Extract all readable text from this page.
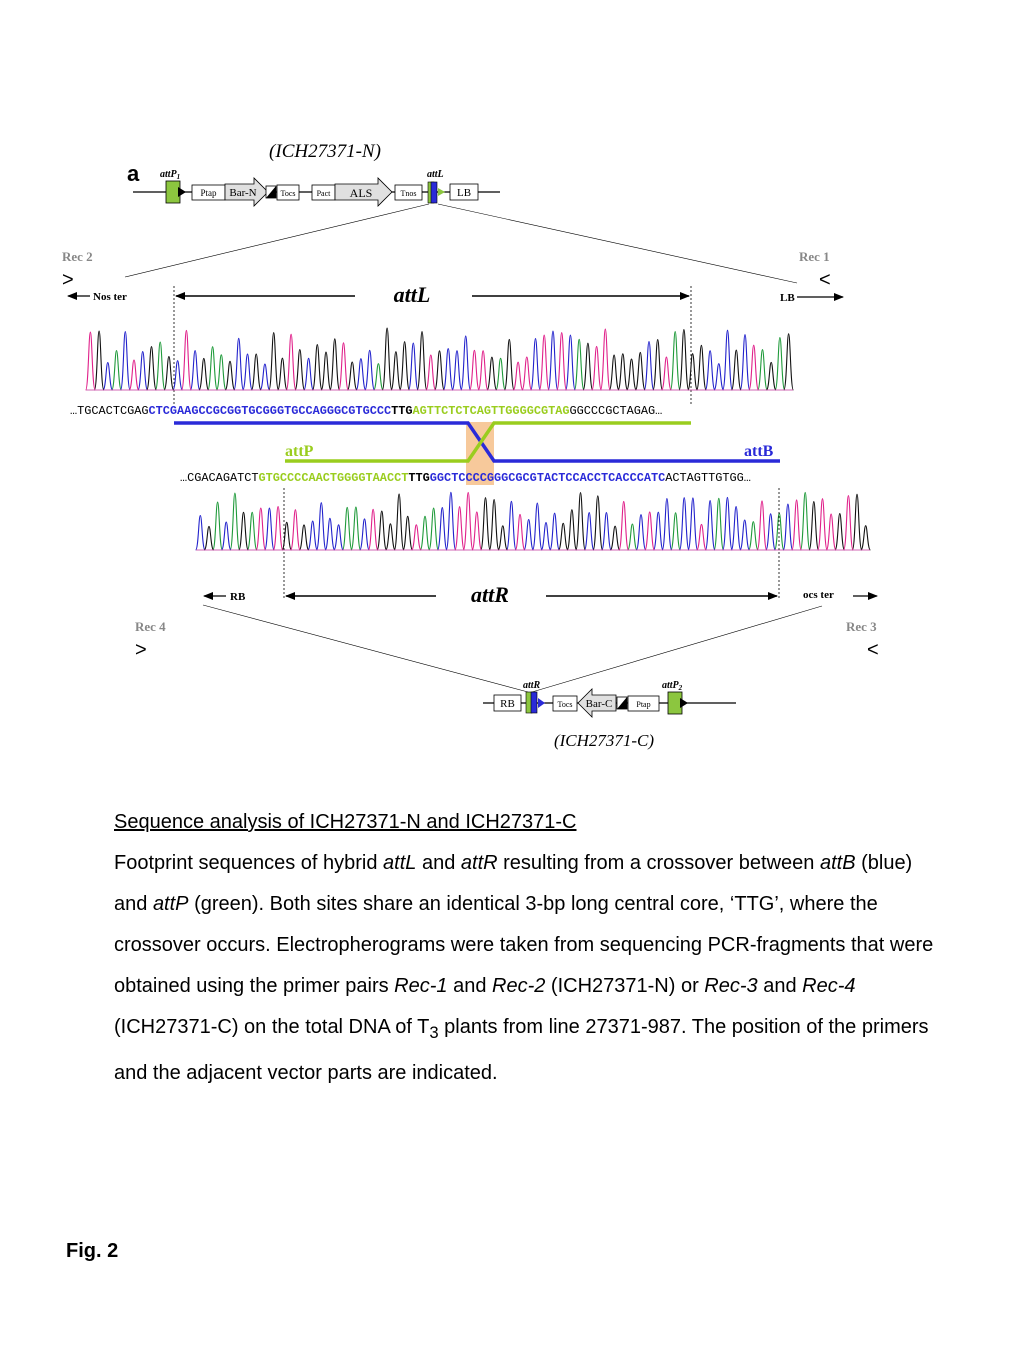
(ICH27371-N)
a attP$_1$	attL
Ptap Bar-N	Tocs	Pact ALS	Tnos	LB
Rec 2
>
Rec 1
<
Nos ter	LB
attL
…TGCACTCGAGCTCGAAGCCGCGGTGCGGGTGCCAGGGCGTGCCCTTGAGTTCTCTCAGTTGGGGCGTAGGGCCCGCTAGAG…
attP	attB
…CGACAGATCTGTGCCCCAACTGGGGTAACCTTTGGGCTCCCCGGGCGCGTACTCCACCTCACCCATCACTAGTTGTGG…
RB	attR	ocs ter
Rec 4
>
Rec 3
<
attR	attP$_2$
RB	Tocs Bar-C	Ptap
(ICH27371-C)

Sequence analysis of ICH27371-N and ICH27371-C

Footprint sequences of hybrid attL and attR resulting from a crossover between attB (blue) and attP (green). Both sites share an identical 3-bp long central core, ‘TTG’, where the crossover occurs. Electropherograms were taken from sequencing PCR-fragments that were obtained using the primer pairs Rec-1 and Rec-2 (ICH27371-N) or Rec-3 and Rec-4 (ICH27371-C) on the total DNA of $T_3$ plants from line 27371-987. The position of the primers and the adjacent vector parts are indicated.

Fig. 2
